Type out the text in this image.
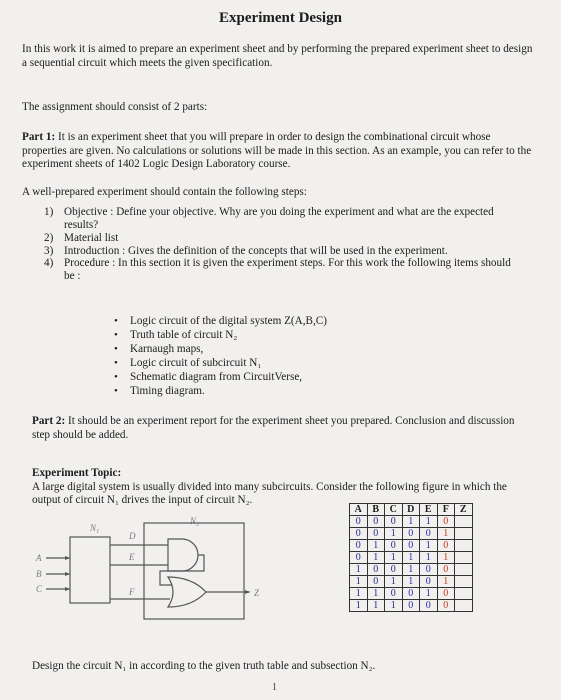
Experiment Design
In this work it is aimed to prepare an experiment sheet and by performing the prepared experiment sheet to design a sequential circuit which meets the given specification.
The assignment should consist of 2 parts:
Part 1: It is an experiment sheet that you will prepare in order to design the combinational circuit whose properties are given. No calculations or solutions will be made in this section. As an example, you can refer to the experiment sheets of 1402 Logic Design Laboratory course.
A well-prepared experiment should contain the following steps:
1) Objective : Define your objective. Why are you doing the experiment and what are the expected results?
2) Material list
3) Introduction : Gives the definition of the concepts that will be used in the experiment.
4) Procedure : In this section it is given the experiment steps. For this work the following items should be :
• Logic circuit of the digital system Z(A,B,C)
• Truth table of circuit N₂
• Karnaugh maps,
• Logic circuit of subcircuit N₁
• Schematic diagram from CircuitVerse,
• Timing diagram.
Part 2: It should be an experiment report for the experiment sheet you prepared. Conclusion and discussion step should be added.
Experiment Topic:
A large digital system is usually divided into many subcircuits. Consider the following figure in which the output of circuit N₁ drives the input of circuit N₂.
N₁
N₂
A
B
C
D
E
F	Z
A	B	C	D	E	F	Z
0	0	0	1	1	0	
0	0	1	0	0	1	
0	1	0	0	1	0	
0	1	1	1	1	1	
1	0	0	1	0	0	
1	0	1	1	0	1	
1	1	0	0	1	0	
1	1	1	0	0	0	
Design the circuit N₁ in according to the given truth table and subsection N₂.
1
